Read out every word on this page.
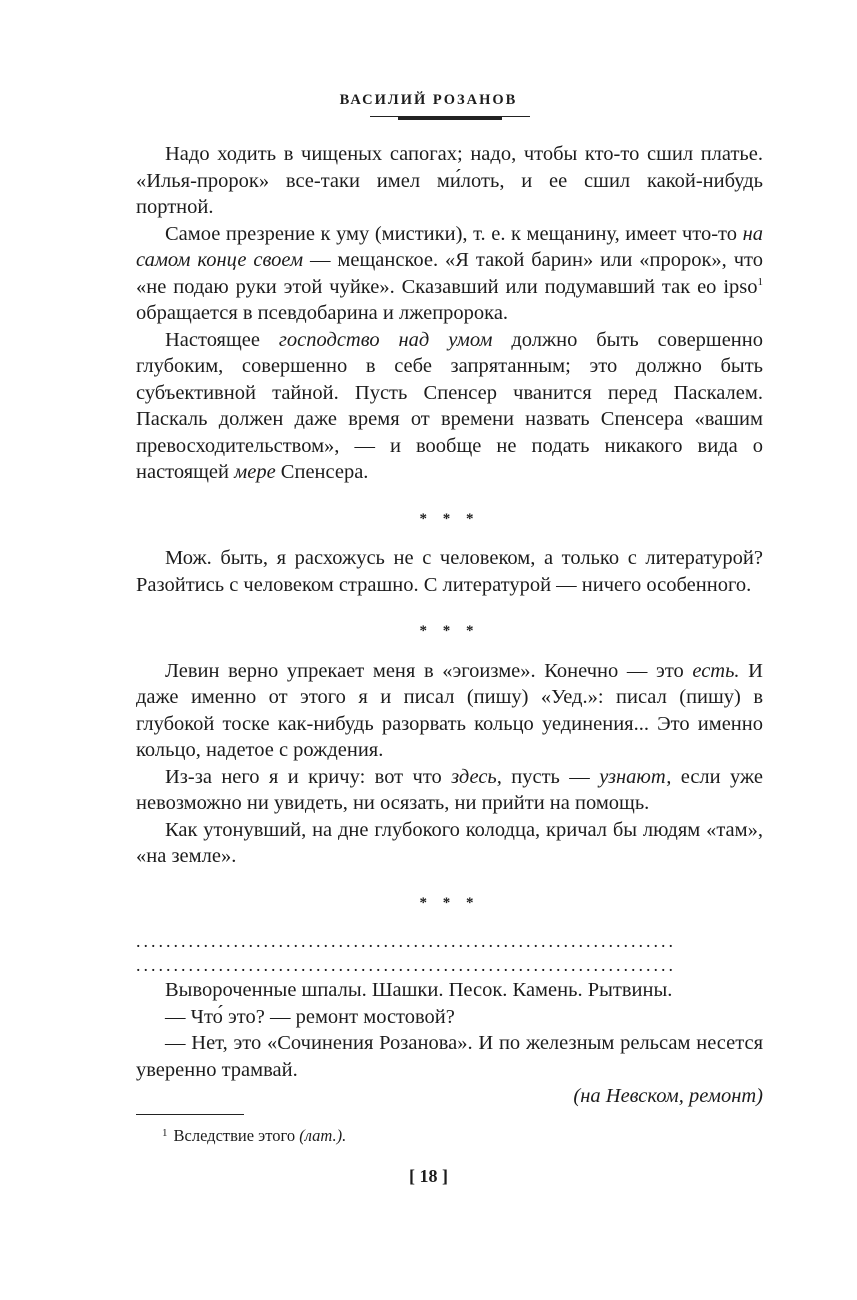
ВАСИЛИЙ РОЗАНОВ

Надо ходить в чищеных сапогах; надо, чтобы кто-то сшил платье. «Илья-пророк» все-таки имел ми́лоть, и ее сшил какой-нибудь портной.

Самое презрение к уму (мистики), т. е. к мещанину, имеет что-то на самом конце своем — мещанское. «Я такой барин» или «пророк», что «не подаю руки этой чуйке». Сказавший или подумавший так ео ipso$^1$ обращается в псевдобарина и лжепророка.

Настоящее господство над умом должно быть совершенно глубоким, совершенно в себе запрятанным; это должно быть субъективной тайной. Пусть Спенсер чванится перед Паскалем. Паскаль должен даже время от времени назвать Спенсера «вашим превосходительством», — и вообще не подать никакого вида о настоящей мере Спенсера.

* * *

Мож. быть, я расхожусь не с человеком, а только с литературой? Разойтись с человеком страшно. С литературой — ничего особенного.

* * *

Левин верно упрекает меня в «эгоизме». Конечно — это есть. И даже именно от этого я и писал (пишу) «Уед.»: писал (пишу) в глубокой тоске как-нибудь разорвать кольцо уединения... Это именно кольцо, надетое с рождения.

Из-за него я и кричу: вот что здесь, пусть — узнают, если уже невозможно ни увидеть, ни осязать, ни прийти на помощь.

Как утонувший, на дне глубокого колодца, кричал бы людям «там», «на земле».

* * *
........................................................................
........................................................................

Вывороченные шпалы. Шашки. Песок. Камень. Рытвины.

— Что́ это? — ремонт мостовой?

— Нет, это «Сочинения Розанова». И по железным рельсам несется уверенно трамвай.

(на Невском, ремонт)

$^1$ Вследствие этого (лат.).
[ 18 ]
